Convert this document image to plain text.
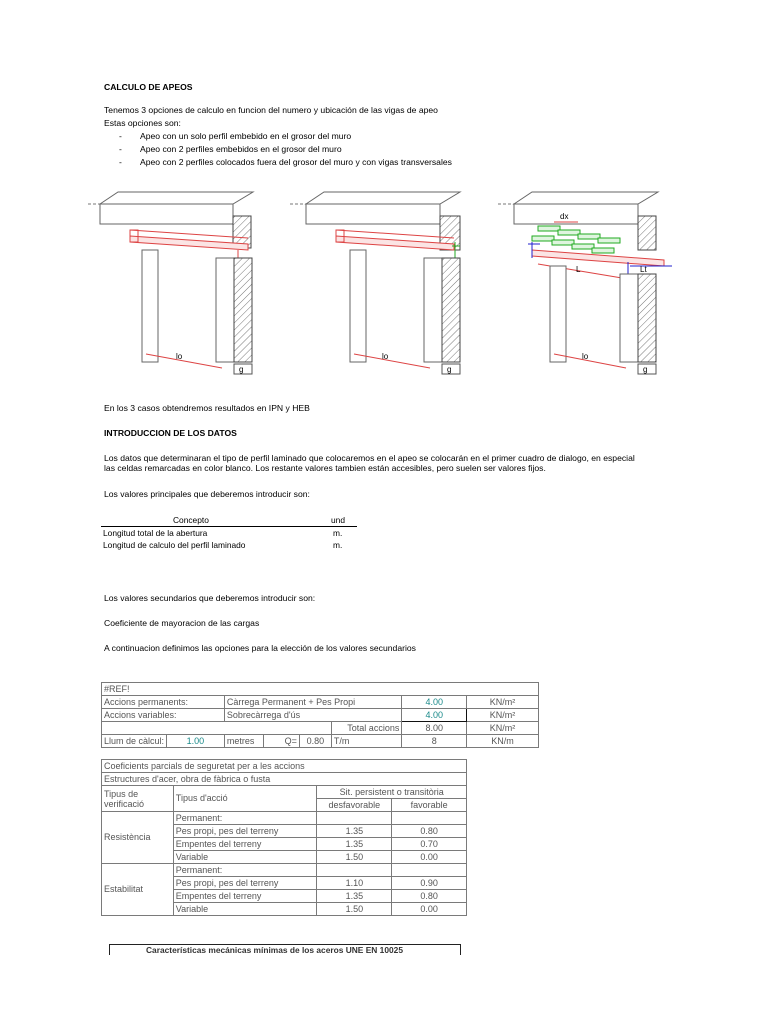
CALCULO DE APEOS
Tenemos 3 opciones de calculo en funcion del numero y ubicación de las vigas de apeo
Estas opciones son:
- Apeo con un solo perfil embebido en el grosor del muro
- Apeo con 2 perfiles embebidos en el grosor del muro
- Apeo con 2 perfiles colocados fuera del grosor del muro y con vigas transversales
lo
g
lo
g
dx
L	Lt
lo
g
En los 3 casos obtendremos resultados en IPN y HEB
INTRODUCCION DE LOS DATOS
Los datos que determinaran el tipo de perfil laminado que colocaremos en el apeo se colocarán en el primer cuadro de dialogo, en especial
las celdas remarcadas en color blanco. Los restante valores tambien están accesibles, pero suelen ser valores fijos.
Los valores principales que deberemos introducir son:
Concepto	und
Longitud total de la abertura	m.
Longitud de calculo del perfil laminado	m.
Los valores secundarios que deberemos introducir son:
Coeficiente de mayoracion de las cargas
A continuacion definimos las opciones para la elección de los valores secundarios
#REF!							
Accions permanents:		Càrrega Permanent + Pes Propi				4.00	KN/m²
Accions variables:		Sobrecàrrega d'ús				4.00	KN/m²
					Total accions	8.00	KN/m²
Llum de càlcul:	1.00	metres	Q=	0.80	T/m	8	KN/m
Coeficients parcials de seguretat per a les accions			
Estructures d'acer, obra de fàbrica o fusta			
Tipus de verificació	Tipus d'acció	Sit. persistent o transitòria	
		desfavorable	favorable
Resistència	Permanent:		
	Pes propi, pes del terreny	1.35	0.80
	Empentes del terreny	1.35	0.70
	Variable	1.50	0.00
Estabilitat	Permanent:		
	Pes propi, pes del terreny	1.10	0.90
	Empentes del terreny	1.35	0.80
	Variable	1.50	0.00
Características mecánicas mínimas de los aceros UNE EN 10025
